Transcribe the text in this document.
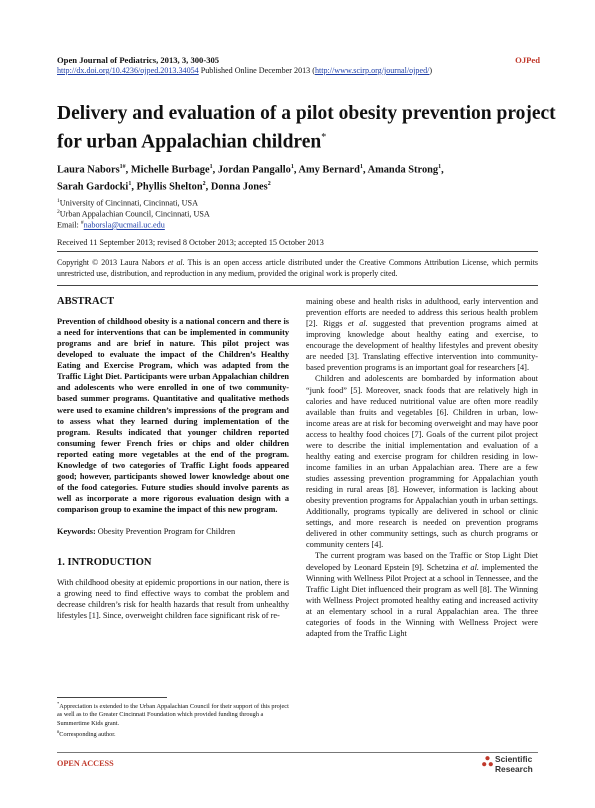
Open Journal of Pediatrics, 2013, 3, 300-305	OJPed
http://dx.doi.org/10.4236/ojped.2013.34054 Published Online December 2013 (http://www.scirp.org/journal/ojped/)
Delivery and evaluation of a pilot obesity prevention project for urban Appalachian children*
Laura Nabors$^{1\#}$, Michelle Burbage$^1$, Jordan Pangallo$^1$, Amy Bernard$^1$, Amanda Strong$^1$,
Sarah Gardocki$^1$, Phyllis Shelton$^2$, Donna Jones$^2$
$^1$University of Cincinnati, Cincinnati, USA
$^2$Urban Appalachian Council, Cincinnati, USA
Email: #naborsla@ucmail.uc.edu
Received 11 September 2013; revised 8 October 2013; accepted 15 October 2013
Copyright © 2013 Laura Nabors et al. This is an open access article distributed under the Creative Commons Attribution License, which permits unrestricted use, distribution, and reproduction in any medium, provided the original work is properly cited.
ABSTRACT

Prevention of childhood obesity is a national concern and there is a need for interventions that can be implemented in community programs and are brief in nature. This pilot project was developed to evaluate the impact of the Children’s Healthy Eating and Exercise Program, which was adapted from the Traffic Light Diet. Participants were urban Appalachian children and adolescents who were enrolled in one of two community-based summer programs. Quantitative and qualitative methods were used to examine children’s impressions of the program and to assess what they learned during implementation of the program. Results indicated that younger children reported consuming fewer French fries or chips and older children reported eating more vegetables at the end of the program. Knowledge of two categories of Traffic Light foods appeared good; however, participants showed lower knowledge about one of the food categories. Future studies should involve parents as well as incorporate a more rigorous evaluation design with a comparison group to examine the impact of this new program.

Keywords: Obesity Prevention Program for Children

1. INTRODUCTION

With childhood obesity at epidemic proportions in our nation, there is a growing need to find effective ways to combat the problem and decrease children’s risk for health hazards that result from unhealthy lifestyles [1]. Since, overweight children face significant risk of re-

*Appreciation is extended to the Urban Appalachian Council for their support of this project as well as to the Greater Cincinnati Foundation which provided funding through a Summertime Kids grant.
#Corresponding author.

maining obese and health risks in adulthood, early intervention and prevention efforts are needed to address this serious health problem [2]. Riggs et al. suggested that prevention programs aimed at improving knowledge about healthy eating and exercise, to encourage the development of healthy lifestyles and prevent obesity are needed [3]. Translating effective intervention into community-based prevention programs is an important goal for researchers [4].

Children and adolescents are bombarded by information about “junk food” [5]. Moreover, snack foods that are relatively high in calories and have reduced nutritional value are often more readily available than fruits and vegetables [6]. Children in urban, low-income areas are at risk for becoming overweight and may have poor access to healthy food choices [7]. Goals of the current pilot project were to describe the initial implementation and evaluation of a healthy eating and exercise program for children residing in low-income families in an urban Appalachian area. There are a few studies assessing prevention programming for Appalachian youth residing in rural areas [8]. However, information is lacking about obesity prevention programs for Appalachian youth in urban settings. Additionally, programs typically are delivered in school or clinic settings, and more research is needed on prevention programs delivered in other community settings, such as church programs or community centers [4].

The current program was based on the Traffic or Stop Light Diet developed by Leonard Epstein [9]. Schetzina et al. implemented the Winning with Wellness Pilot Project at a school in Tennessee, and the Traffic Light Diet influenced their program as well [8]. The Winning with Wellness Project promoted healthy eating and increased activity at an elementary school in a rural Appalachian area. The three categories of foods in the Winning with Wellness Project were adapted from the Traffic Light

OPEN ACCESS	Scientific
Research
